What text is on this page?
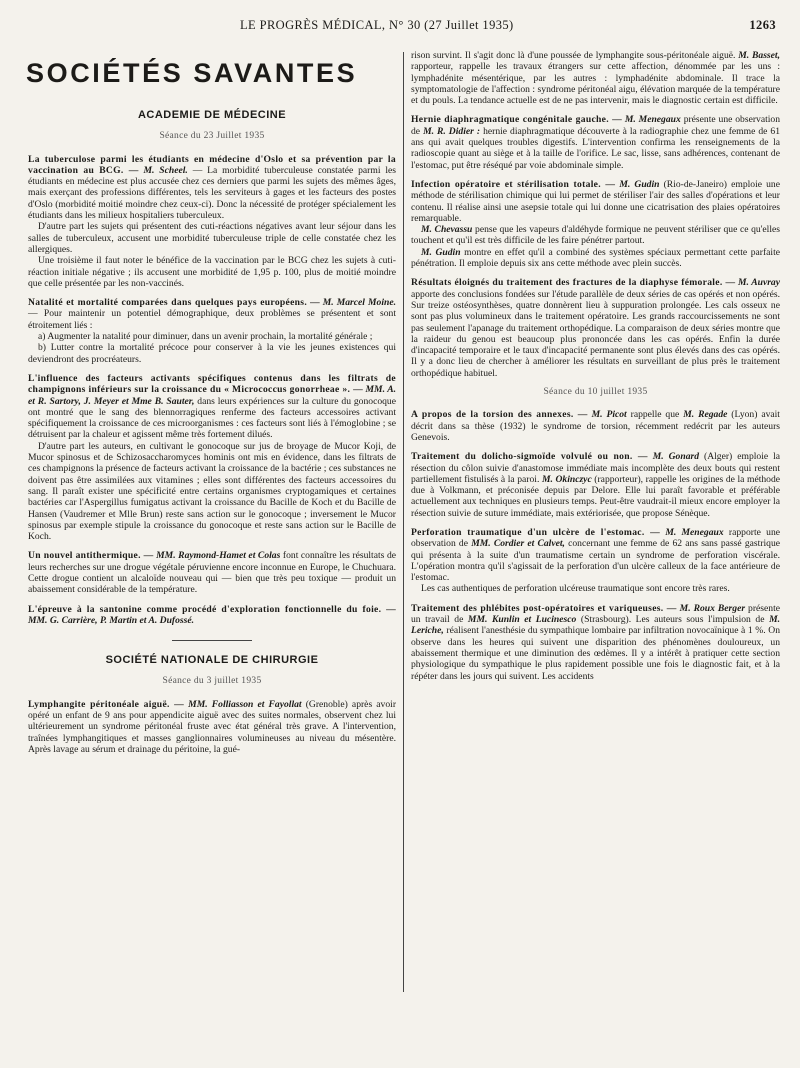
LE PROGRÈS MÉDICAL, N° 30 (27 Juillet 1935)	1263
SOCIÉTÉS SAVANTES
ACADEMIE DE MÉDECINE
Séance du 23 Juillet 1935

La tuberculose parmi les étudiants en médecine d'Oslo et sa prévention par la vaccination au BCG. — M. Scheel. — La morbidité tuberculeuse constatée parmi les étudiants en médecine est plus accusée chez ces derniers que parmi les sujets des mêmes âges, mais exerçant des professions différentes, tels les serviteurs à gages et les facteurs des postes d'Oslo (morbidité moitié moindre chez ceux-ci). Donc la nécessité de protéger spécialement les étudiants dans les milieux hospitaliers tuberculeux.

D'autre part les sujets qui présentent des cuti-réactions négatives avant leur séjour dans les salles de tuberculeux, accusent une morbidité tuberculeuse triple de celle constatée chez les allergiques.

Une troisième il faut noter le bénéfice de la vaccination par le BCG chez les sujets à cuti-réaction initiale négative ; ils accusent une morbidité de 1,95 p. 100, plus de moitié moindre que celle présentée par les non-vaccinés.

Natalité et mortalité comparées dans quelques pays européens. — M. Marcel Moine. — Pour maintenir un potentiel démographique, deux problèmes se présentent et sont étroitement liés :

a) Augmenter la natalité pour diminuer, dans un avenir prochain, la mortalité générale ;

b) Lutter contre la mortalité précoce pour conserver à la vie les jeunes existences qui deviendront des procréateurs.

L'influence des facteurs activants spécifiques contenus dans les filtrats de champignons inférieurs sur la croissance du « Micrococcus gonorrheae ». — MM. A. et R. Sartory, J. Meyer et Mme B. Sauter, dans leurs expériences sur la culture du gonocoque ont montré que le sang des blennorragiques renferme des facteurs accessoires activant spécifiquement la croissance de ces microorganismes : ces facteurs sont liés à l'émoglobine ; se détruisent par la chaleur et agissent même très fortement dilués.

D'autre part les auteurs, en cultivant le gonocoque sur jus de broyage de Mucor Koji, de Mucor spinosus et de Schizosaccharomyces hominis ont mis en évidence, dans les filtrats de ces champignons la présence de facteurs activant la croissance de la bactérie ; ces substances ne doivent pas être assimilées aux vitamines ; elles sont différentes des facteurs accessoires du sang. Il paraît exister une spécificité entre certains organismes cryptogamiques et certaines bactéries car l'Aspergillus fumigatus activant la croissance du Bacille de Koch et du Bacille de Hansen (Vaudremer et Mlle Brun) reste sans action sur le gonocoque ; inversement le Mucor spinosus par exemple stipule la croissance du gonocoque et reste sans action sur le Bacille de Koch.

Un nouvel antithermique. — MM. Raymond-Hamet et Colas font connaître les résultats de leurs recherches sur une drogue végétale péruvienne encore inconnue en Europe, le Chuchuara. Cette drogue contient un alcaloïde nouveau qui — bien que très peu toxique — produit un abaissement considérable de la température.

L'épreuve à la santonine comme procédé d'exploration fonctionnelle du foie. — MM. G. Carrière, P. Martin et A. Dufossé.

SOCIÉTÉ NATIONALE DE CHIRURGIE
Séance du 3 juillet 1935

Lymphangite péritonéale aiguë. — MM. Folliasson et Fayollat (Grenoble) après avoir opéré un enfant de 9 ans pour appendicite aiguë avec des suites normales, observent chez lui ultérieurement un syndrome péritonéal fruste avec état général très grave. A l'intervention, traînées lymphangitiques et masses ganglionnaires volumineuses au niveau du mésentère. Après lavage au sérum et drainage du péritoine, la gué-

rison survint. Il s'agit donc là d'une poussée de lymphangite sous-péritonéale aiguë. M. Basset, rapporteur, rappelle les travaux étrangers sur cette affection, dénommée par les uns : lymphadénite mésentérique, par les autres : lymphadénite abdominale. Il trace la symptomatologie de l'affection : syndrome péritonéal aigu, élévation marquée de la température et du pouls. La tendance actuelle est de ne pas intervenir, mais le diagnostic certain est difficile.

Hernie diaphragmatique congénitale gauche. — M. Menegaux présente une observation de M. R. Didier : hernie diaphragmatique découverte à la radiographie chez une femme de 61 ans qui avait quelques troubles digestifs. L'intervention confirma les renseignements de la radioscopie quant au siège et à la taille de l'orifice. Le sac, lisse, sans adhérences, contenant de l'estomac, put être réséqué par voie abdominale simple.

Infection opératoire et stérilisation totale. — M. Gudin (Rio-de-Janeiro) emploie une méthode de stérilisation chimique qui lui permet de stériliser l'air des salles d'opérations et leur contenu. Il réalise ainsi une asepsie totale qui lui donne une cicatrisation des plaies opératoires remarquable.

M. Chevassu pense que les vapeurs d'aldéhyde formique ne peuvent stériliser que ce qu'elles touchent et qu'il est très difficile de les faire pénétrer partout.

M. Gudin montre en effet qu'il a combiné des systèmes spéciaux permettant cette parfaite pénétration. Il emploie depuis six ans cette méthode avec plein succès.

Résultats éloignés du traitement des fractures de la diaphyse fémorale. — M. Auvray apporte des conclusions fondées sur l'étude parallèle de deux séries de cas opérés et non opérés. Sur treize ostéosynthèses, quatre donnèrent lieu à suppuration prolongée. Les cals osseux ne sont pas plus volumineux dans le traitement opératoire. Les grands raccourcissements ne sont pas seulement l'apanage du traitement orthopédique. La comparaison de deux séries montre que la raideur du genou est beaucoup plus prononcée dans les cas opérés. Enfin la durée d'incapacité temporaire et le taux d'incapacité permanente sont plus élevés dans des cas opérés. Il y a donc lieu de chercher à améliorer les résultats en surveillant de plus près le traitement orthopédique habituel.

Séance du 10 juillet 1935

A propos de la torsion des annexes. — M. Picot rappelle que M. Regade (Lyon) avait décrit dans sa thèse (1932) le syndrome de torsion, récemment redécrit par les auteurs Genevois.

Traitement du dolicho-sigmoïde volvulé ou non. — M. Gonard (Alger) emploie la résection du côlon suivie d'anastomose immédiate mais incomplète des deux bouts qui restent partiellement fistulisés à la paroi. M. Okinczyc (rapporteur), rappelle les origines de la méthode due à Volkmann, et préconisée depuis par Delore. Elle lui paraît favorable et préférable actuellement aux techniques en plusieurs temps. Peut-être vaudrait-il mieux encore employer la résection suivie de suture immédiate, mais extériorisée, que propose Sénèque.

Perforation traumatique d'un ulcère de l'estomac. — M. Menegaux rapporte une observation de MM. Cordier et Calvet, concernant une femme de 62 ans sans passé gastrique qui présenta à la suite d'un traumatisme certain un syndrome de perforation viscérale. L'opération montra qu'il s'agissait de la perforation d'un ulcère calleux de la face antérieure de l'estomac.

Les cas authentiques de perforation ulcéreuse traumatique sont encore très rares.

Traitement des phlébites post-opératoires et variqueuses. — M. Roux Berger présente un travail de MM. Kunlin et Lucinesco (Strasbourg). Les auteurs sous l'impulsion de M. Leriche, réalisent l'anesthésie du sympathique lombaire par infiltration novocaïnique à 1 %. On observe dans les heures qui suivent une disparition des phénomènes douloureux, un abaissement thermique et une diminution des œdèmes. Il y a intérêt à pratiquer cette section physiologique du sympathique le plus rapidement possible une fois le diagnostic fait, et à la répéter dans les jours qui suivent. Les accidents
